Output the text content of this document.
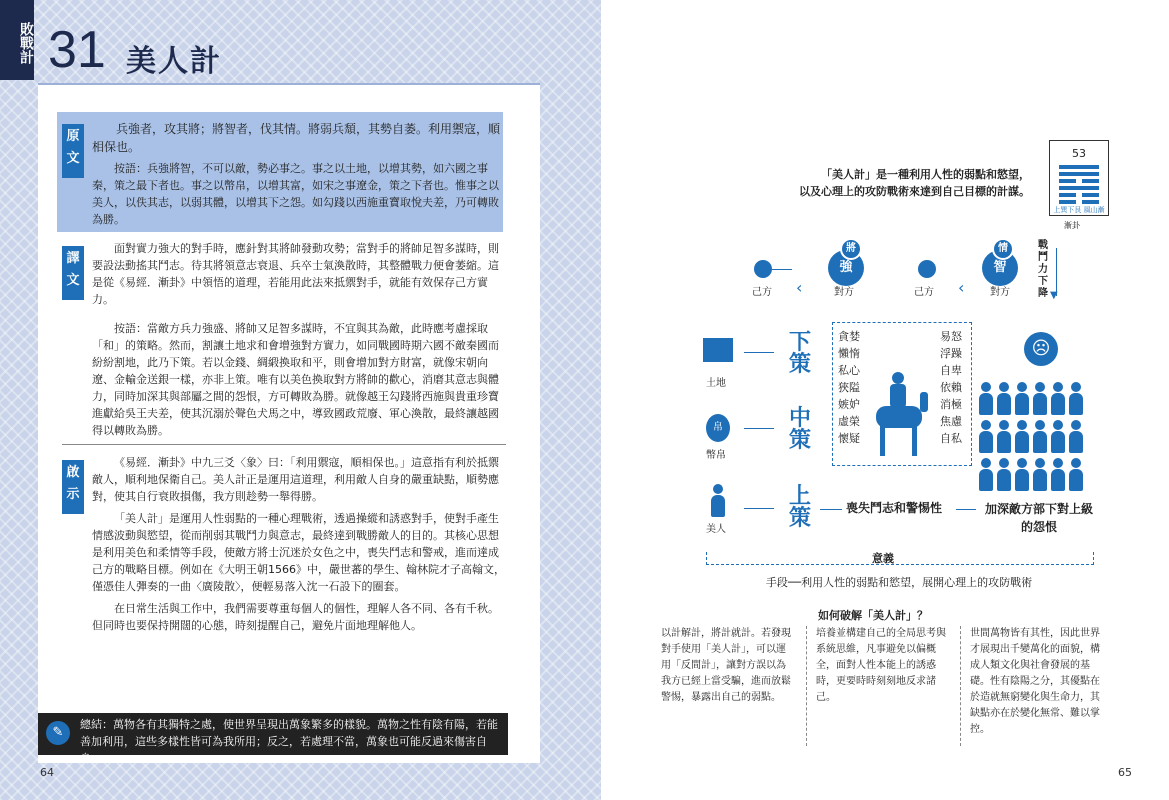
敗戰計 31 美人計
原文
兵強者，攻其將；將智者，伐其情。將弱兵頹，其勢自萎。利用禦寇，順相保也。
按語：兵強將智，不可以敵，勢必事之。事之以土地，以增其勢，如六國之事秦，策之最下者也。事之以幣帛，以增其富，如宋之事遼金，策之下者也。惟事之以美人，以佚其志，以弱其體，以增其下之怨。如勾踐以西施重寶取悅夫差，乃可轉敗為勝。
譯文
面對實力強大的對手時，應針對其將帥發動攻勢；當對手的將帥足智多謀時，則要設法動搖其鬥志。待其將領意志衰退、兵卒士氣渙散時，其整體戰力便會萎縮。這是從《易經．漸卦》中領悟的道理，若能用此法來抵禦對手，就能有效保存己方實力。
按語：當敵方兵力強盛、將帥又足智多謀時，不宜與其為敵，此時應考慮採取「和」的策略。然而，割讓土地求和會增強對方實力，如同戰國時期六國不敵秦國而紛紛割地，此乃下策。若以金錢、綢緞換取和平，則會增加對方財富，就像宋朝向遼、金輸金送銀一樣，亦非上策。唯有以美色換取對方將帥的歡心，消磨其意志與體力，同時加深其與部屬之間的怨恨，方可轉敗為勝。就像越王勾踐將西施與貴重珍寶進獻給吳王夫差，使其沉溺於聲色犬馬之中，導致國政荒廢、軍心渙散，最終讓越國得以轉敗為勝。
啟示
《易經．漸卦》中九三爻〈象〉曰：「利用禦寇，順相保也。」這意指有利於抵禦敵人，順利地保衛自己。美人計正是運用這道理，利用敵人自身的嚴重缺點，順勢應對，使其自行衰敗損傷，我方則趁勢一舉得勝。
「美人計」是運用人性弱點的一種心理戰術，透過操縱和誘惑對手，使對手產生情感波動與慾望，從而削弱其戰鬥力與意志，最終達到戰勝敵人的目的。其核心思想是利用美色和柔情等手段，使敵方將士沉迷於女色之中，喪失鬥志和警戒，進而達成己方的戰略目標。例如在《大明王朝1566》中，嚴世蕃的學生、翰林院才子高翰文，僅憑佳人彈奏的一曲〈廣陵散〉，便輕易落入沈一石設下的圈套。
在日常生活與工作中，我們需要尊重每個人的個性，理解人各不同、各有千秋。但同時也要保持開闊的心態，時刻提醒自己，避免片面地理解他人。
✎
總結：萬物各有其獨特之處，使世界呈現出萬象繁多的樣貌。萬物之性有陰有陽，若能善加利用，這些多樣性皆可為我所用；反之，若處理不當，萬象也可能反過來傷害自身。
64
「美人計」是一種利用人性的弱點和慾望，
以及心理上的攻防戰術來達到自己目標的計謀。
53
上巽下艮 風山漸
漸卦
己方 ‹
強
將
對方	己方 ‹
智
情
對方
戰鬥力下降 ▼
土地
下策
帛
幣帛
中策
美人
上策
貪婪
懶惰
私心
狹隘
嫉妒
虛榮
懷疑
易怒
浮躁
自卑
依賴
消極
焦慮
自私
喪失鬥志和警惕性
☹
加深敵方部下對上級的怨恨
意義
手段──利用人性的弱點和慾望，展開心理上的攻防戰術
如何破解「美人計」？
以計解計，將計就計。若發現對手使用「美人計」，可以運用「反間計」，讓對方誤以為我方已經上當受騙，進而放鬆警惕，暴露出自己的弱點。
培養並構建自己的全局思考與系統思維，凡事避免以偏概全，面對人性本能上的誘惑時，更要時時刻刻地反求諸己。
世間萬物皆有其性，因此世界才展現出千變萬化的面貌，構成人類文化與社會發展的基礎。性有陰陽之分，其優點在於造就無窮變化與生命力，其缺點亦在於變化無常、難以掌控。
65
